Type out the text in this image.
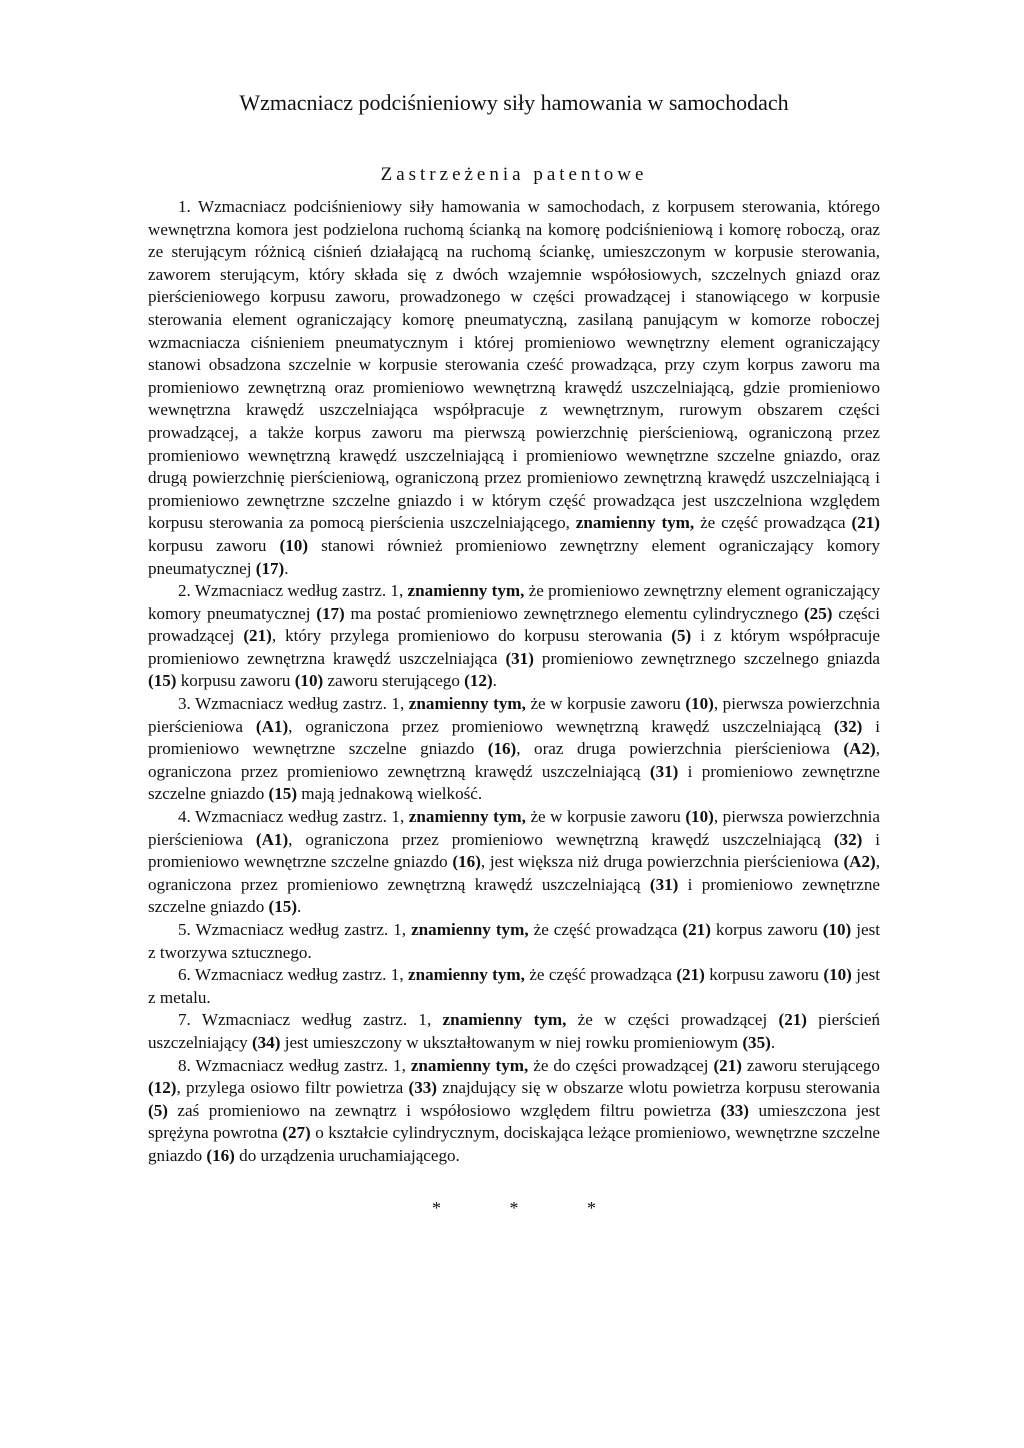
Wzmacniacz podciśnieniowy siły hamowania w samochodach
Zastrzeżenia patentowe

1. Wzmacniacz podciśnieniowy siły hamowania w samochodach, z korpusem sterowania, którego wewnętrzna komora jest podzielona ruchomą ścianką na komorę podciśnieniową i komorę roboczą, oraz ze sterującym różnicą ciśnień działającą na ruchomą ściankę, umieszczonym w korpusie sterowania, zaworem sterującym, który składa się z dwóch wzajemnie współosiowych, szczelnych gniazd oraz pierścieniowego korpusu zaworu, prowadzonego w części prowadzącej i stanowiącego w korpusie sterowania element ograniczający komorę pneumatyczną, zasilaną panującym w komorze roboczej wzmacniacza ciśnieniem pneumatycznym i której promieniowo wewnętrzny element ograniczający stanowi obsadzona szczelnie w korpusie sterowania cześć prowadząca, przy czym korpus zaworu ma promieniowo zewnętrzną oraz promieniowo wewnętrzną krawędź uszczelniającą, gdzie promieniowo wewnętrzna krawędź uszczelniająca współpracuje z wewnętrznym, rurowym obszarem części prowadzącej, a także korpus zaworu ma pierwszą powierzchnię pierścieniową, ograniczoną przez promieniowo wewnętrzną krawędź uszczelniającą i promieniowo wewnętrzne szczelne gniazdo, oraz drugą powierzchnię pierścieniową, ograniczoną przez promieniowo zewnętrzną krawędź uszczelniającą i promieniowo zewnętrzne szczelne gniazdo i w którym część prowadząca jest uszczelniona względem korpusu sterowania za pomocą pierścienia uszczelniającego, znamienny tym, że część prowadząca (21) korpusu zaworu (10) stanowi również promieniowo zewnętrzny element ograniczający komory pneumatycznej (17).

2. Wzmacniacz według zastrz. 1, znamienny tym, że promieniowo zewnętrzny element ograniczający komory pneumatycznej (17) ma postać promieniowo zewnętrznego elementu cylindrycznego (25) części prowadzącej (21), który przylega promieniowo do korpusu sterowania (5) i z którym współpracuje promieniowo zewnętrzna krawędź uszczelniająca (31) promieniowo zewnętrznego szczelnego gniazda (15) korpusu zaworu (10) zaworu sterującego (12).

3. Wzmacniacz według zastrz. 1, znamienny tym, że w korpusie zaworu (10), pierwsza powierzchnia pierścieniowa (A1), ograniczona przez promieniowo wewnętrzną krawędź uszczelniającą (32) i promieniowo wewnętrzne szczelne gniazdo (16), oraz druga powierzchnia pierścieniowa (A2), ograniczona przez promieniowo zewnętrzną krawędź uszczelniającą (31) i promieniowo zewnętrzne szczelne gniazdo (15) mają jednakową wielkość.

4. Wzmacniacz według zastrz. 1, znamienny tym, że w korpusie zaworu (10), pierwsza powierzchnia pierścieniowa (A1), ograniczona przez promieniowo wewnętrzną krawędź uszczelniającą (32) i promieniowo wewnętrzne szczelne gniazdo (16), jest większa niż druga powierzchnia pierścieniowa (A2), ograniczona przez promieniowo zewnętrzną krawędź uszczelniającą (31) i promieniowo zewnętrzne szczelne gniazdo (15).

5. Wzmacniacz według zastrz. 1, znamienny tym, że część prowadząca (21) korpus zaworu (10) jest z tworzywa sztucznego.

6. Wzmacniacz według zastrz. 1, znamienny tym, że część prowadząca (21) korpusu zaworu (10) jest z metalu.

7. Wzmacniacz według zastrz. 1, znamienny tym, że w części prowadzącej (21) pierścień uszczelniający (34) jest umieszczony w ukształtowanym w niej rowku promieniowym (35).

8. Wzmacniacz według zastrz. 1, znamienny tym, że do części prowadzącej (21) zaworu sterującego (12), przylega osiowo filtr powietrza (33) znajdujący się w obszarze wlotu powietrza korpusu sterowania (5) zaś promieniowo na zewnątrz i współosiowo względem filtru powietrza (33) umieszczona jest sprężyna powrotna (27) o kształcie cylindrycznym, dociskająca leżące promieniowo, wewnętrzne szczelne gniazdo (16) do urządzenia uruchamiającego.

* * *
